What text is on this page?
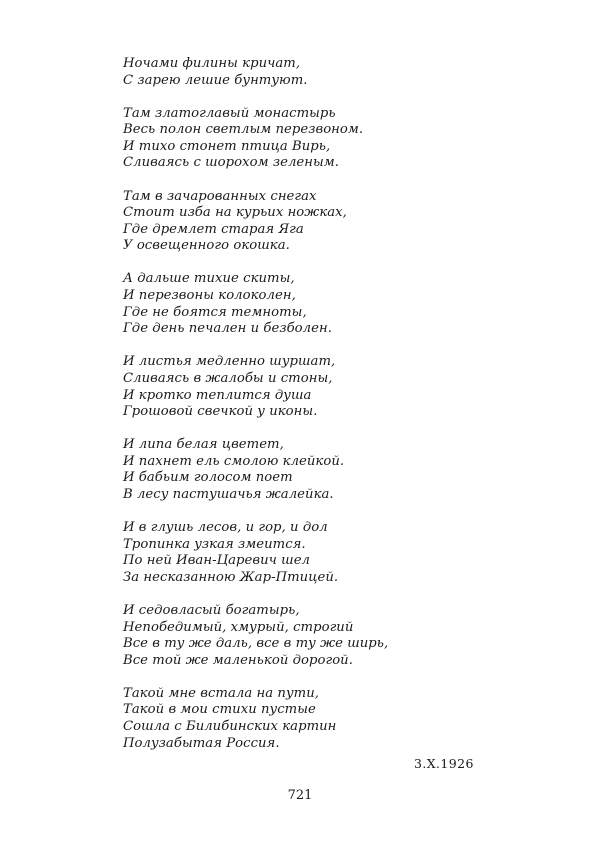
Ночами филины кричат,
С зарею лешие бунтуют.
Там златоглавый монастырь
Весь полон светлым перезвоном.
И тихо стонет птица Вирь,
Сливаясь с шорохом зеленым.
Там в зачарованных снегах
Стоит изба на курьих ножках,
Где дремлет старая Яга
У освещенного окошка.
А дальше тихие скиты,
И перезвоны колоколен,
Где не боятся темноты,
Где день печален и безболен.
И листья медленно шуршат,
Сливаясь в жалобы и стоны,
И кротко теплится душа
Грошовой свечкой у иконы.
И липа белая цветет,
И пахнет ель смолою клейкой.
И бабьим голосом поет
В лесу пастушачья жалейка.
И в глушь лесов, и гор, и дол
Тропинка узкая змеится.
По ней Иван-Царевич шел
За несказанною Жар-Птицей.
И седовласый богатырь,
Непобедимый, хмурый, строгий
Все в ту же даль, все в ту же ширь,
Все той же маленькой дорогой.
Такой мне встала на пути,
Такой в мои стихи пустые
Сошла с Билибинских картин
Полузабытая Россия.
3.Х.1926
721
